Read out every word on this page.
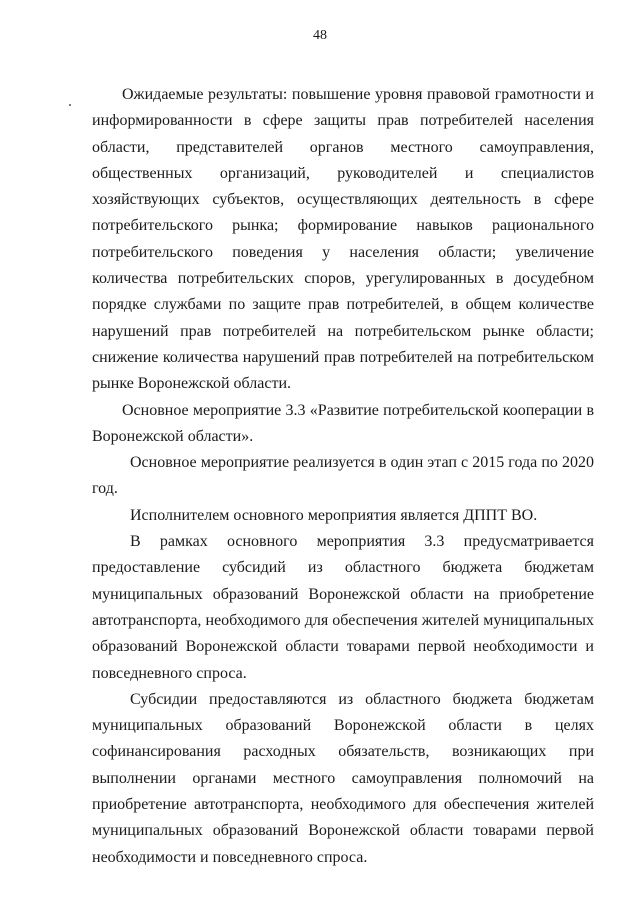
48

Ожидаемые результаты: повышение уровня правовой грамотности и информированности в сфере защиты прав потребителей населения области, представителей органов местного самоуправления, общественных организаций, руководителей и специалистов хозяйствующих субъектов, осуществляющих деятельность в сфере потребительского рынка; формирование навыков рационального потребительского поведения у населения области; увеличение количества потребительских споров, урегулированных в досудебном порядке службами по защите прав потребителей, в общем количестве нарушений прав потребителей на потребительском рынке области; снижение количества нарушений прав потребителей на потребительском рынке Воронежской области.

Основное мероприятие 3.3 «Развитие потребительской кооперации в Воронежской области».

Основное мероприятие реализуется в один этап с 2015 года по 2020 год.

Исполнителем основного мероприятия является ДППТ ВО.

В рамках основного мероприятия 3.3 предусматривается предоставление субсидий из областного бюджета бюджетам муниципальных образований Воронежской области на приобретение автотранспорта, необходимого для обеспечения жителей муниципальных образований Воронежской области товарами первой необходимости и повседневного спроса.

Субсидии предоставляются из областного бюджета бюджетам муниципальных образований Воронежской области в целях софинансирования расходных обязательств, возникающих при выполнении органами местного самоуправления полномочий на приобретение автотранспорта, необходимого для обеспечения жителей муниципальных образований Воронежской области товарами первой необходимости и повседневного спроса.
